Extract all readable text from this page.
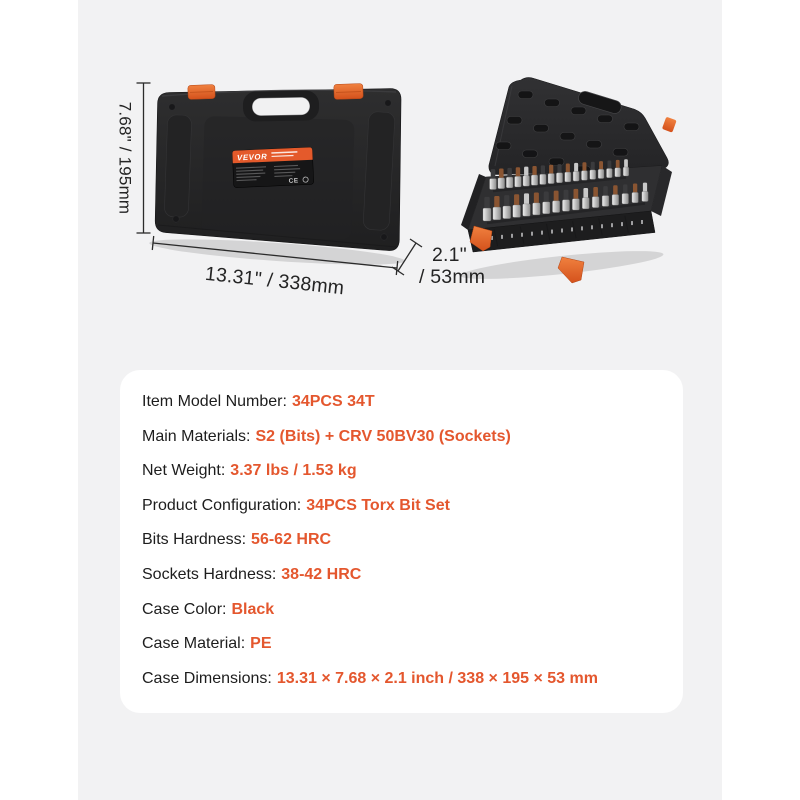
VEVOR
CE
7.68" / 195mm
13.31" / 338mm
2.1"
/ 53mm
Item Model Number: 34PCS 34T
Main Materials: S2 (Bits) + CRV 50BV30 (Sockets)
Net Weight: 3.37 lbs / 1.53 kg
Product Configuration: 34PCS Torx Bit Set
Bits Hardness: 56-62 HRC
Sockets Hardness: 38-42 HRC
Case Color: Black
Case Material: PE
Case Dimensions: 13.31 × 7.68 × 2.1 inch / 338 × 195 × 53 mm
